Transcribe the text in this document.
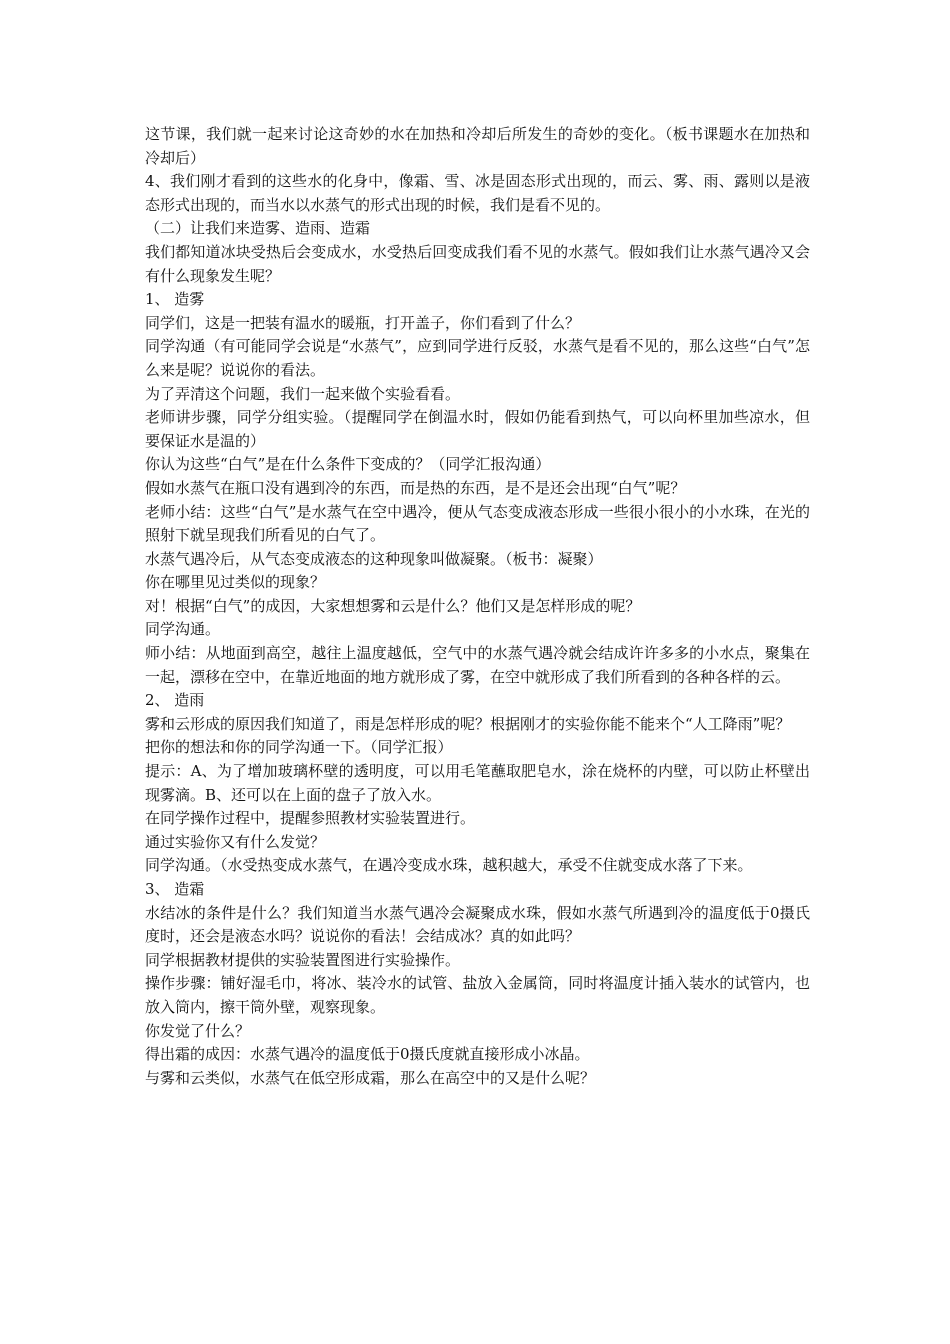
这节课，我们就一起来讨论这奇妙的水在加热和冷却后所发生的奇妙的变化。（板书课题水在加热和冷却后）

4、我们刚才看到的这些水的化身中，像霜、雪、冰是固态形式出现的，而云、雾、雨、露则以是液态形式出现的，而当水以水蒸气的形式出现的时候，我们是看不见的。

（二）让我们来造雾、造雨、造霜

我们都知道冰块受热后会变成水，水受热后回变成我们看不见的水蒸气。假如我们让水蒸气遇冷又会有什么现象发生呢？

1、 造雾

同学们，这是一把装有温水的暖瓶，打开盖子，你们看到了什么？

同学沟通（有可能同学会说是“水蒸气”，应到同学进行反驳，水蒸气是看不见的，那么这些“白气”怎么来是呢？说说你的看法。

为了弄清这个问题，我们一起来做个实验看看。

老师讲步骤，同学分组实验。（提醒同学在倒温水时，假如仍能看到热气，可以向杯里加些凉水，但要保证水是温的）

你认为这些“白气”是在什么条件下变成的？（同学汇报沟通）

假如水蒸气在瓶口没有遇到冷的东西，而是热的东西，是不是还会出现“白气”呢？

老师小结：这些“白气”是水蒸气在空中遇冷，便从气态变成液态形成一些很小很小的小水珠，在光的照射下就呈现我们所看见的白气了。

水蒸气遇冷后，从气态变成液态的这种现象叫做凝聚。（板书：凝聚）

你在哪里见过类似的现象？

对！根据“白气”的成因，大家想想雾和云是什么？他们又是怎样形成的呢？

同学沟通。

师小结：从地面到高空，越往上温度越低，空气中的水蒸气遇冷就会结成许许多多的小水点，聚集在一起，漂移在空中，在靠近地面的地方就形成了雾，在空中就形成了我们所看到的各种各样的云。

2、 造雨

雾和云形成的原因我们知道了，雨是怎样形成的呢？根据刚才的实验你能不能来个“人工降雨”呢？

把你的想法和你的同学沟通一下。（同学汇报）

提示：A、为了增加玻璃杯壁的透明度，可以用毛笔蘸取肥皂水，涂在烧杯的内壁，可以防止杯壁出现雾滴。B、还可以在上面的盘子了放入水。

在同学操作过程中，提醒参照教材实验装置进行。

通过实验你又有什么发觉？

同学沟通。（水受热变成水蒸气，在遇冷变成水珠，越积越大，承受不住就变成水落了下来。

3、 造霜

水结冰的条件是什么？我们知道当水蒸气遇冷会凝聚成水珠，假如水蒸气所遇到冷的温度低于0摄氏度时，还会是液态水吗？说说你的看法！会结成冰？真的如此吗？

同学根据教材提供的实验装置图进行实验操作。

操作步骤：铺好湿毛巾，将冰、装冷水的试管、盐放入金属筒，同时将温度计插入装水的试管内，也放入筒内，擦干筒外壁，观察现象。

你发觉了什么？

得出霜的成因：水蒸气遇冷的温度低于0摄氏度就直接形成小冰晶。

与雾和云类似，水蒸气在低空形成霜，那么在高空中的又是什么呢？
